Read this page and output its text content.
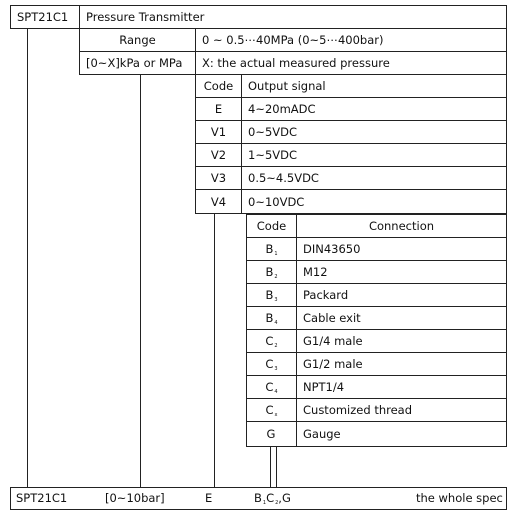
SPT21C1 Pressure Transmitter
Range	0 ~ 0.5⋯40MPa (0~5⋯400bar)
[0~X]kPa or MPa X: the actual measured pressure
Code Output signal
E 4~20mADC
V1 0~5VDC
V2 1~5VDC
V3 0.5~4.5VDC
V4 0~10VDC
Code	Connection
$B_1$ DIN43650
$B_2$ M12
$B_3$ Packard
$B_4$ Cable exit
$C_2$ G1/4 male
$C_3$ G1/2 male
$C_4$ NPT1/4
$C_x$ Customized thread
G Gauge
SPT21C1	[0~10bar]	E	$B_1C_2,G$	the whole spec
